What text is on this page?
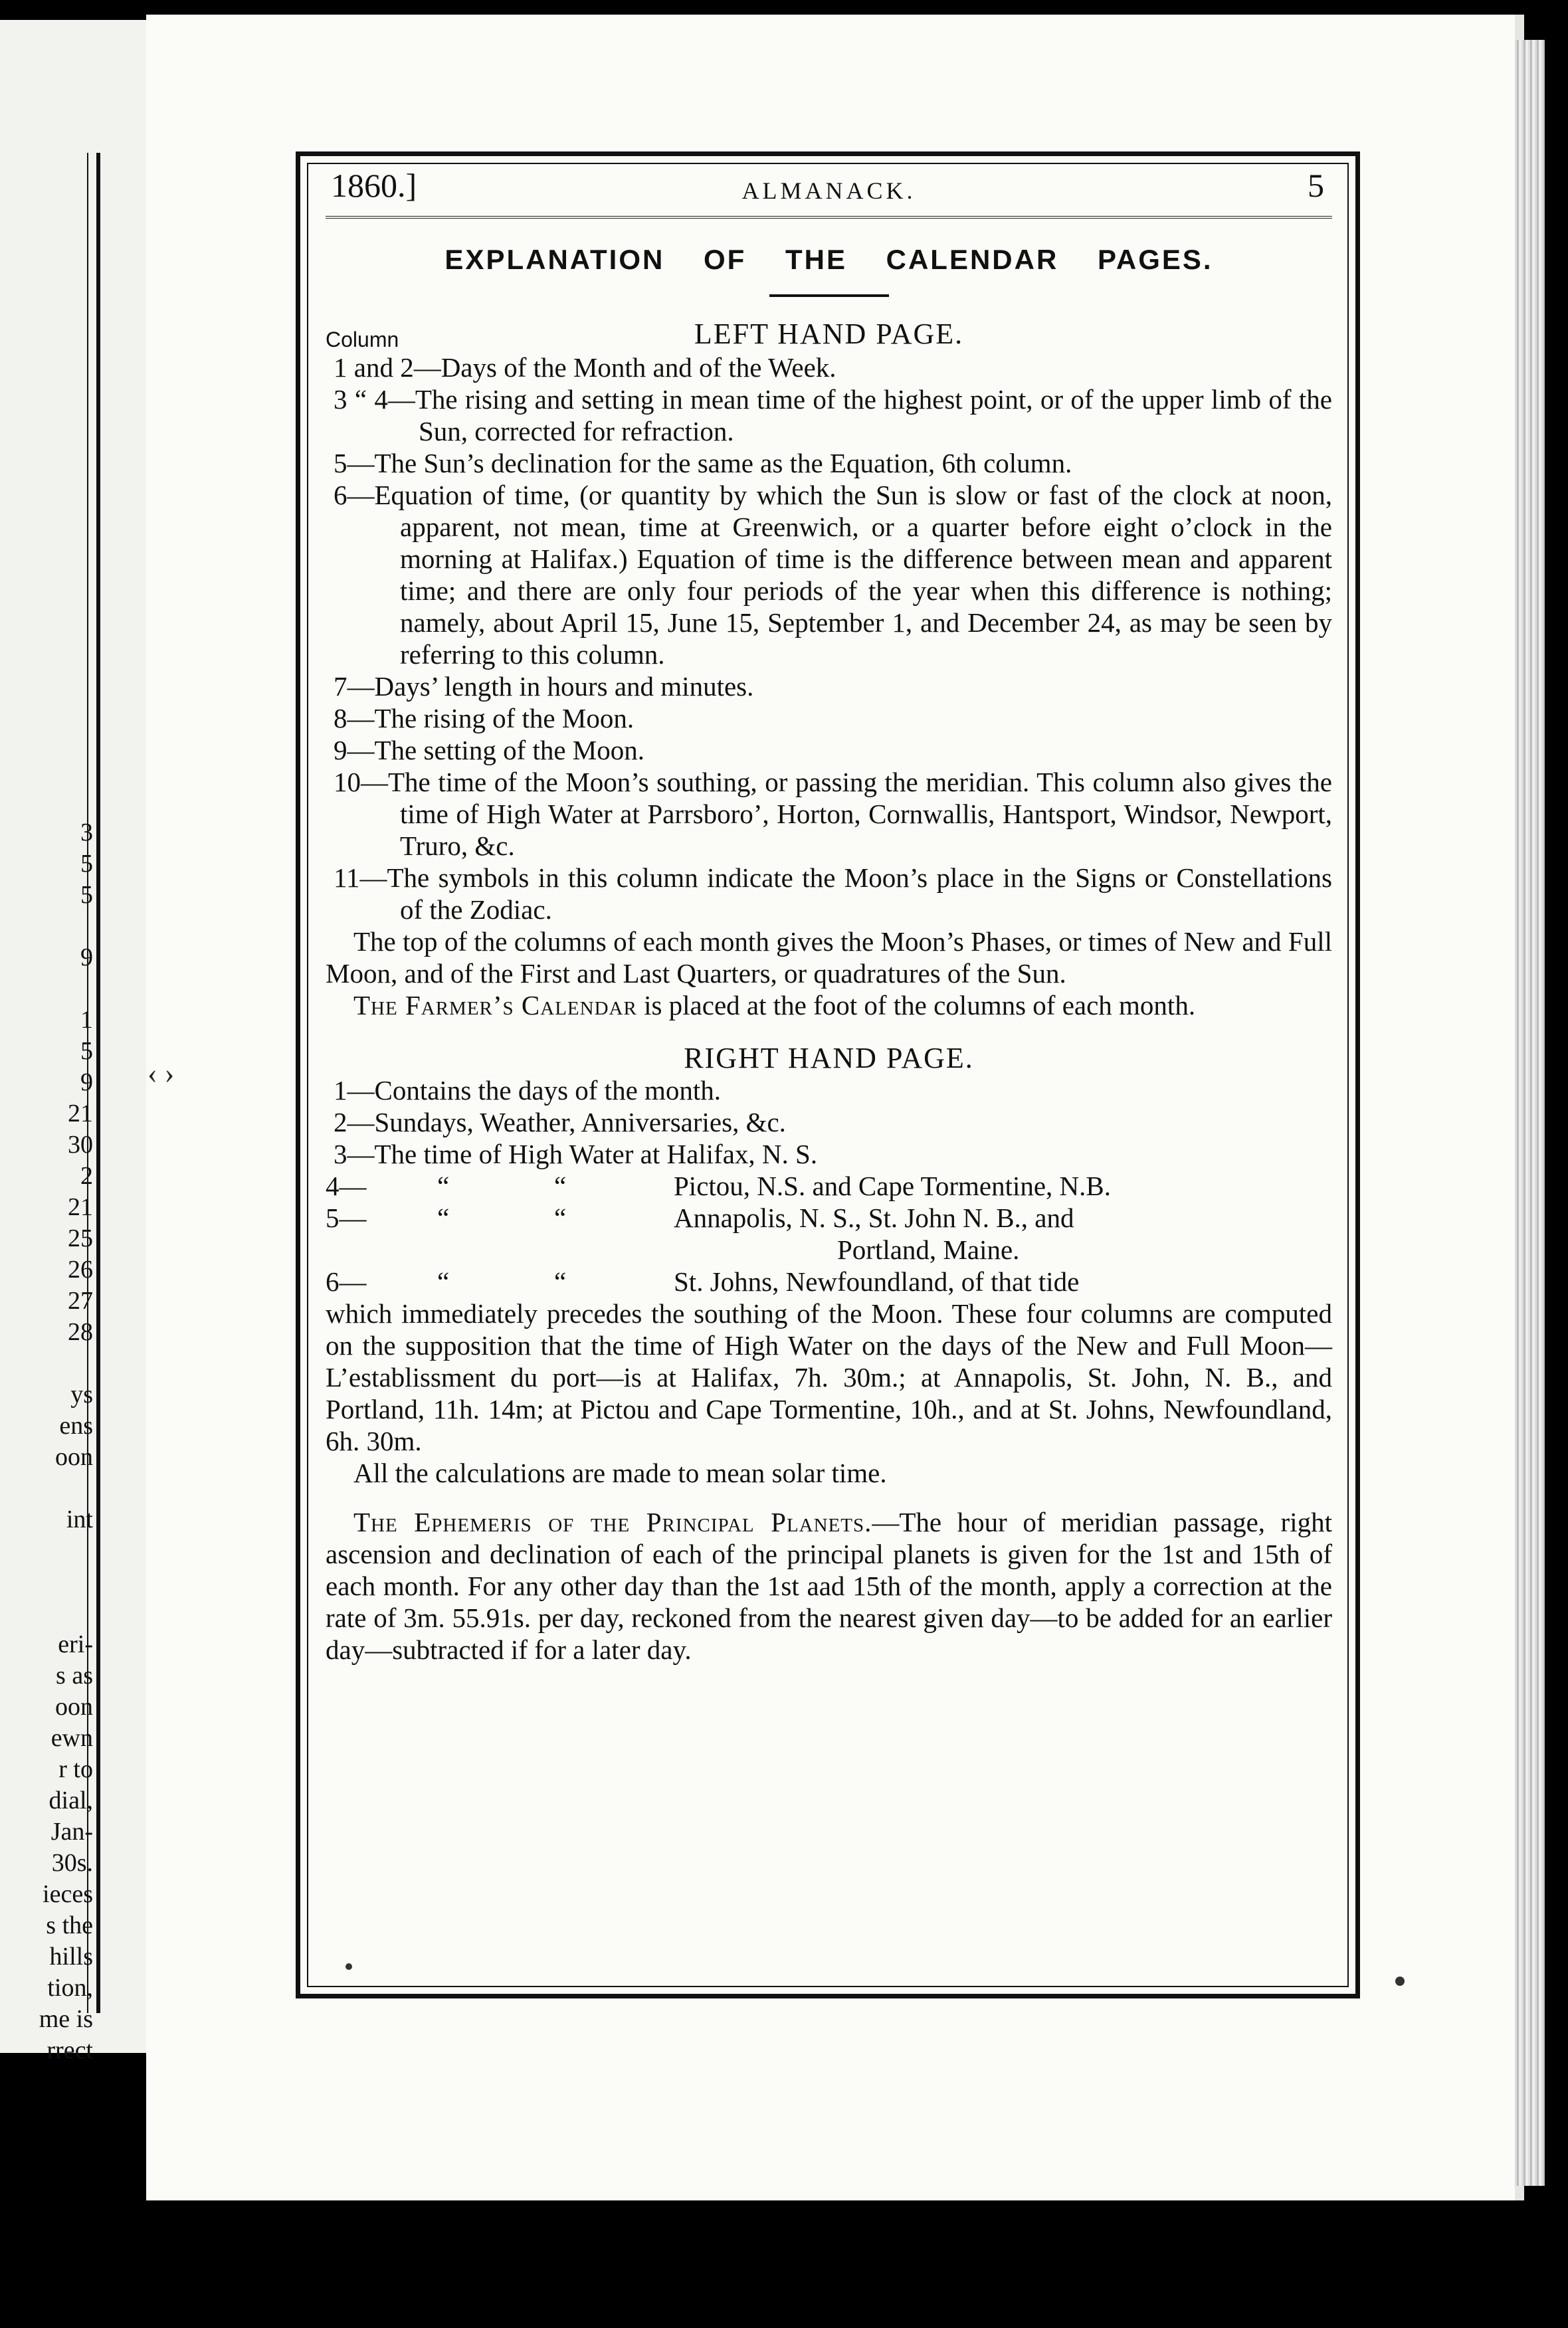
3
5
5

9

1
5
9
21
30
2
21
25
26
27
28

ys
ens
oon

int

eri-
s as
oon
ewn
r to
dial,
Jan-
30s.
ieces
s the
hills
tion,
me is
rrect
‹ ›
1860.]	ALMANACK.	5
EXPLANATION OF THE CALENDAR PAGES.
Column	LEFT HAND PAGE.
1 and 2—Days of the Month and of the Week.
3 “ 4—The rising and setting in mean time of the highest point, or of the upper limb of the Sun, corrected for refraction.
5—The Sun’s declination for the same as the Equation, 6th column.
6—Equation of time, (or quantity by which the Sun is slow or fast of the clock at noon, apparent, not mean, time at Greenwich, or a quarter before eight o’clock in the morning at Halifax.) Equation of time is the difference between mean and apparent time; and there are only four periods of the year when this difference is nothing; namely, about April 15, June 15, September 1, and December 24, as may be seen by referring to this column.
7—Days’ length in hours and minutes.
8—The rising of the Moon.
9—The setting of the Moon.
10—The time of the Moon’s southing, or passing the meridian. This column also gives the time of High Water at Parrsboro’, Horton, Cornwallis, Hantsport, Windsor, Newport, Truro, &c.
11—The symbols in this column indicate the Moon’s place in the Signs or Constellations of the Zodiac.
The top of the columns of each month gives the Moon’s Phases, or times of New and Full Moon, and of the First and Last Quarters, or quadratures of the Sun.
The Farmer’s Calendar is placed at the foot of the columns of each month.
RIGHT HAND PAGE.
1—Contains the days of the month.
2—Sundays, Weather, Anniversaries, &c.
3—The time of High Water at Halifax, N. S.
4—	“	“	Pictou, N.S. and Cape Tormentine, N.B.
5—	“	“	Annapolis, N. S., St. John N. B., and
Portland, Maine.
6—	“	“	St. Johns, Newfoundland, of that tide
which immediately precedes the southing of the Moon. These four columns are computed on the supposition that the time of High Water on the days of the New and Full Moon—L’establissment du port—is at Halifax, 7h. 30m.; at Annapolis, St. John, N. B., and Portland, 11h. 14m; at Pictou and Cape Tormentine, 10h., and at St. Johns, Newfoundland, 6h. 30m.
All the calculations are made to mean solar time.
The Ephemeris of the Principal Planets.—The hour of meridian passage, right ascension and declination of each of the principal planets is given for the 1st and 15th of each month. For any other day than the 1st aad 15th of the month, apply a correction at the rate of 3m. 55.91s. per day, reckoned from the nearest given day—to be added for an earlier day—subtracted if for a later day.
